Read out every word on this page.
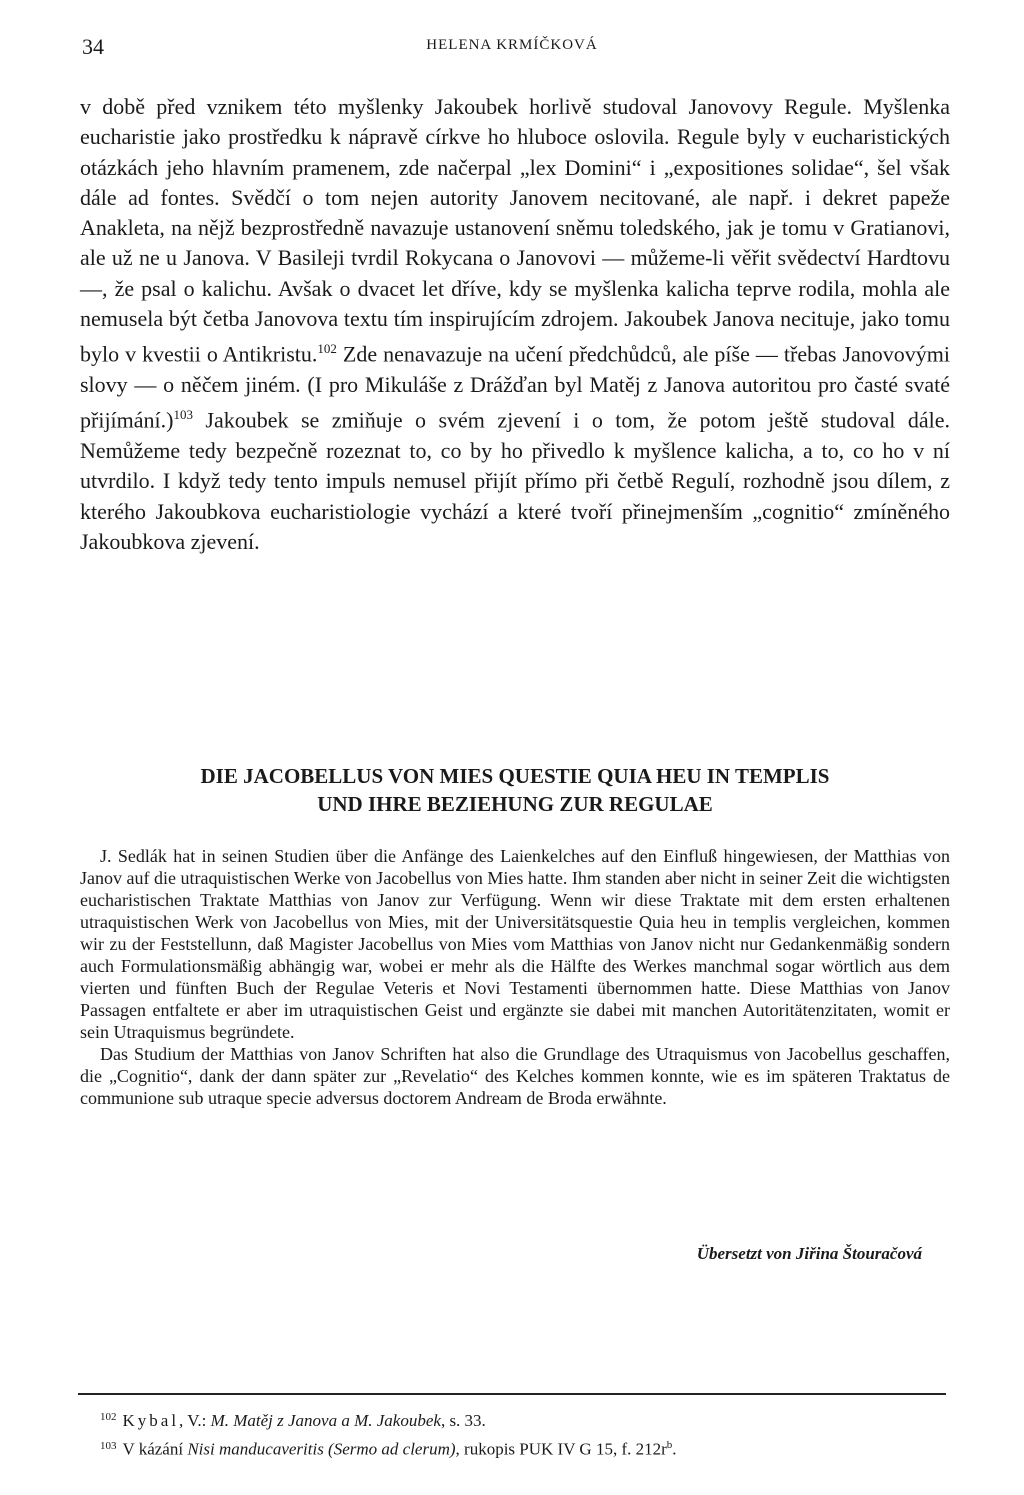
34	HELENA KRMÍČKOVÁ

v době před vznikem této myšlenky Jakoubek horlivě studoval Janovovy Regule. Myšlenka eucharistie jako prostředku k nápravě církve ho hluboce oslovila. Regule byly v eucharistických otázkách jeho hlavním pramenem, zde načerpal „lex Domini“ i „expositiones solidae“, šel však dále ad fontes. Svědčí o tom nejen autority Janovem necitované, ale např. i dekret papeže Anakleta, na nějž bezprostředně navazuje ustanovení sněmu toledského, jak je tomu v Gratianovi, ale už ne u Janova. V Basileji tvrdil Rokycana o Janovovi — můžeme-li věřit svědectví Hardtovu —, že psal o kalichu. Avšak o dvacet let dříve, kdy se myšlenka kalicha teprve rodila, mohla ale nemusela být četba Janovova textu tím inspirujícím zdrojem. Jakoubek Janova necituje, jako tomu bylo v kvestii o Antikristu.$^{102}$ Zde nenavazuje na učení předchůdců, ale píše — třebas Janovovými slovy — o něčem jiném. (I pro Mikuláše z Drážďan byl Matěj z Janova autoritou pro časté svaté přijímání.)$^{103}$ Jakoubek se zmiňuje o svém zjevení i o tom, že potom ještě studoval dále. Nemůžeme tedy bezpečně rozeznat to, co by ho přivedlo k myšlence kalicha, a to, co ho v ní utvrdilo. I když tedy tento impuls nemusel přijít přímo při četbě Regulí, rozhodně jsou dílem, z kterého Jakoubkova eucharistiologie vychází a které tvoří přinejmenším „cognitio“ zmíněného Jakoubkova zjevení.

DIE JACOBELLUS VON MIES QUESTIE QUIA HEU IN TEMPLIS
UND IHRE BEZIEHUNG ZUR REGULAE

J. Sedlák hat in seinen Studien über die Anfänge des Laienkelches auf den Einfluß hingewiesen, der Matthias von Janov auf die utraquistischen Werke von Jacobellus von Mies hatte. Ihm standen aber nicht in seiner Zeit die wichtigsten eucharistischen Traktate Matthias von Janov zur Verfügung. Wenn wir diese Traktate mit dem ersten erhaltenen utraquistischen Werk von Jacobellus von Mies, mit der Universitätsquestie Quia heu in templis vergleichen, kommen wir zu der Feststellunn, daß Magister Jacobellus von Mies vom Matthias von Janov nicht nur Gedankenmäßig sondern auch Formulationsmäßig abhängig war, wobei er mehr als die Hälfte des Werkes manchmal sogar wörtlich aus dem vierten und fünften Buch der Regulae Veteris et Novi Testamenti übernommen hatte. Diese Matthias von Janov Passagen entfaltete er aber im utraquistischen Geist und ergänzte sie dabei mit manchen Autoritätenzitaten, womit er sein Utraquismus begründete.

Das Studium der Matthias von Janov Schriften hat also die Grundlage des Utraquismus von Jacobellus geschaffen, die „Cognitio“, dank der dann später zur „Revelatio“ des Kelches kommen konnte, wie es im späteren Traktatus de communione sub utraque specie adversus doctorem Andream de Broda erwähnte.

Übersetzt von Jiřina Štouračová
$^{102}$ Kybal, V.: M. Matěj z Janova a M. Jakoubek, s. 33.
$^{103}$ V kázání Nisi manducaveritis (Sermo ad clerum), rukopis PUK IV G 15, f. $212r^b$.
